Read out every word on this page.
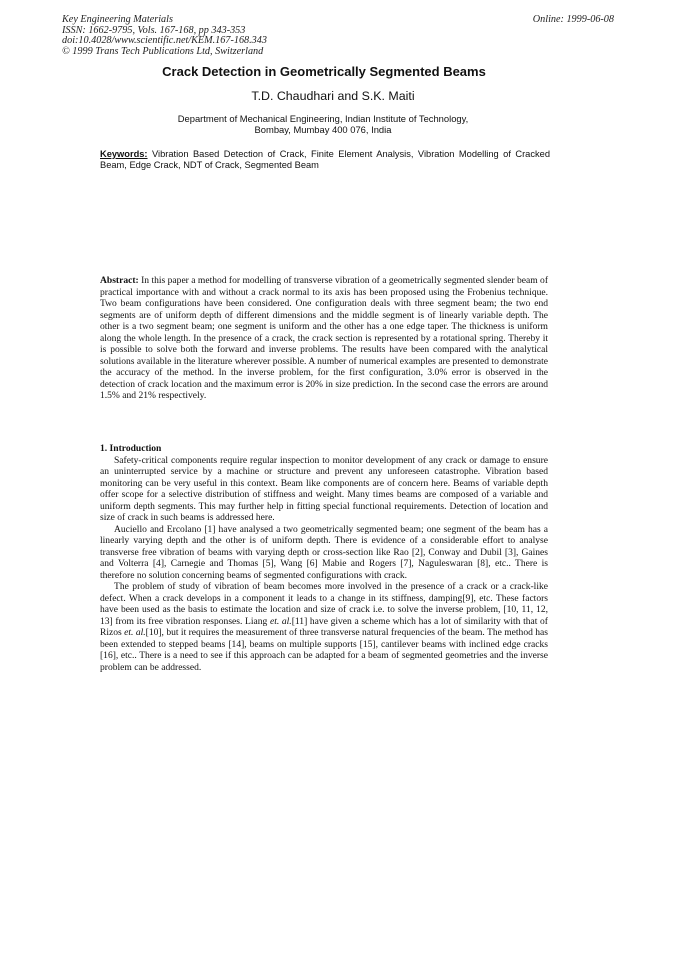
Key Engineering Materials
ISSN: 1662-9795, Vols. 167-168, pp 343-353
doi:10.4028/www.scientific.net/KEM.167-168.343
© 1999 Trans Tech Publications Ltd, Switzerland
Online: 1999-06-08
Crack Detection in Geometrically Segmented Beams
T.D. Chaudhari and S.K. Maiti
Department of Mechanical Engineering, Indian Institute of Technology,
Bombay, Mumbay 400 076, India
Keywords: Vibration Based Detection of Crack, Finite Element Analysis, Vibration Modelling of Cracked Beam, Edge Crack, NDT of Crack, Segmented Beam
Abstract: In this paper a method for modelling of transverse vibration of a geometrically segmented slender beam of practical importance with and without a crack normal to its axis has been proposed using the Frobenius technique. Two beam configurations have been considered. One configuration deals with three segment beam; the two end segments are of uniform depth of different dimensions and the middle segment is of linearly variable depth. The other is a two segment beam; one segment is uniform and the other has a one edge taper. The thickness is uniform along the whole length. In the presence of a crack, the crack section is represented by a rotational spring. Thereby it is possible to solve both the forward and inverse problems. The results have been compared with the analytical solutions available in the literature wherever possible. A number of numerical examples are presented to demonstrate the accuracy of the method. In the inverse problem, for the first configuration, 3.0% error is observed in the detection of crack location and the maximum error is 20% in size prediction. In the second case the errors are around 1.5% and 21% respectively.

1. Introduction

Safety-critical components require regular inspection to monitor development of any crack or damage to ensure an uninterrupted service by a machine or structure and prevent any unforeseen catastrophe. Vibration based monitoring can be very useful in this context. Beam like components are of concern here. Beams of variable depth offer scope for a selective distribution of stiffness and weight. Many times beams are composed of a variable and uniform depth segments. This may further help in fitting special functional requirements. Detection of location and size of crack in such beams is addressed here.

Auciello and Ercolano [1] have analysed a two geometrically segmented beam; one segment of the beam has a linearly varying depth and the other is of uniform depth. There is evidence of a considerable effort to analyse transverse free vibration of beams with varying depth or cross-section like Rao [2], Conway and Dubil [3], Gaines and Volterra [4], Carnegie and Thomas [5], Wang [6] Mabie and Rogers [7], Naguleswaran [8], etc.. There is therefore no solution concerning beams of segmented configurations with crack.

The problem of study of vibration of beam becomes more involved in the presence of a crack or a crack-like defect. When a crack develops in a component it leads to a change in its stiffness, damping[9], etc. These factors have been used as the basis to estimate the location and size of crack i.e. to solve the inverse problem, [10, 11, 12, 13] from its free vibration responses. Liang et. al.[11] have given a scheme which has a lot of similarity with that of Rizos et. al.[10], but it requires the measurement of three transverse natural frequencies of the beam. The method has been extended to stepped beams [14], beams on multiple supports [15], cantilever beams with inclined edge cracks [16], etc.. There is a need to see if this approach can be adapted for a beam of segmented geometries and the inverse problem can be addressed.
